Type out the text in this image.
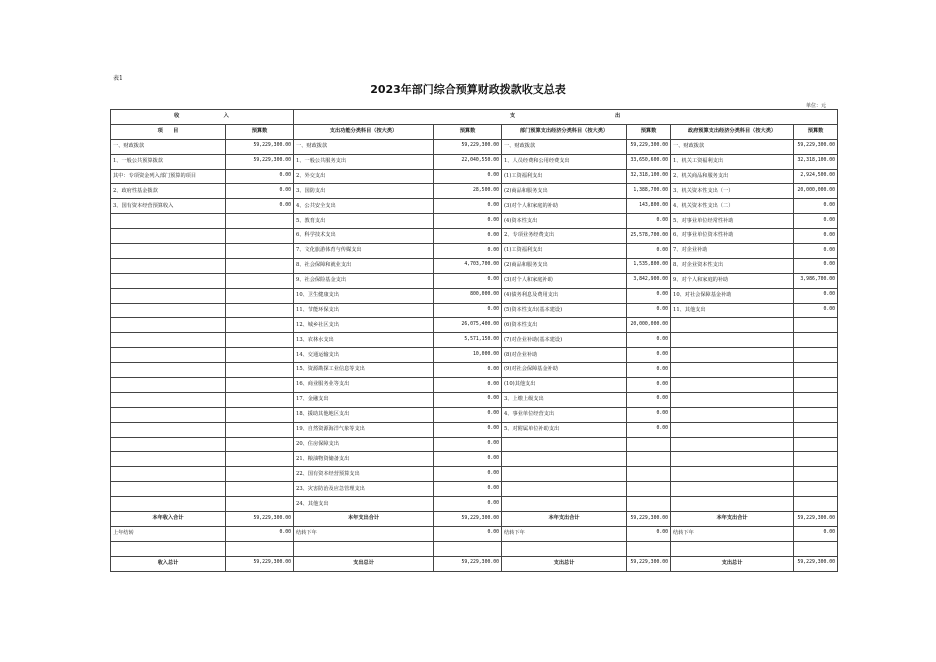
表1
2023年部门综合预算财政拨款收支总表
单位：元
收　　　　　　　入		支　　　　　　　　　　　　　　　　出					
项　　目	预算数	支出功能分类科目（按大类）	预算数	部门预算支出经济分类科目（按大类）	预算数	政府预算支出经济分类科目（按大类）	预算数
一、财政拨款	59,229,300.00	一、财政拨款	59,229,300.00	一、财政拨款	59,229,300.00	一、财政拨款	59,229,300.00
1、一般公共预算拨款	59,229,300.00	1、一般公共服务支出	22,040,550.00	1、人员经费和公用经费支出	33,650,600.00	1、机关工资福利支出	32,318,100.00
其中：专项资金列入部门预算的项目	0.00	2、外交支出	0.00	(1)工资福利支出	32,318,100.00	2、机关商品和服务支出	2,924,500.00
2、政府性基金拨款	0.00	3、国防支出	28,500.00	(2)商品和服务支出	1,388,700.00	3、机关资本性支出（一）	20,000,000.00
3、国有资本经营预算收入	0.00	4、公共安全支出	0.00	(3)对个人和家庭的补助	143,800.00	4、机关资本性支出（二）	0.00
		5、教育支出	0.00	(4)资本性支出	0.00	5、对事业单位经常性补助	0.00
		6、科学技术支出	0.00	2、专项业务经费支出	25,578,700.00	6、对事业单位资本性补助	0.00
		7、文化旅游体育与传媒支出	0.00	(1)工资福利支出	0.00	7、对企业补助	0.00
		8、社会保障和就业支出	4,703,700.00	(2)商品和服务支出	1,535,800.00	8、对企业资本性支出	0.00
		9、社会保险基金支出	0.00	(3)对个人和家庭补助	3,842,900.00	9、对个人和家庭的补助	3,986,700.00
		10、卫生健康支出	800,000.00	(4)债务利息及费用支出	0.00	10、对社会保障基金补助	0.00
		11、节能环保支出	0.00	(5)资本性支出(基本建设)	0.00	11、其他支出	0.00
		12、城乡社区支出	26,075,400.00	(6)资本性支出	20,000,000.00		
		13、农林水支出	5,571,150.00	(7)对企业补助(基本建设)	0.00		
		14、交通运输支出	10,000.00	(8)对企业补助	0.00		
		15、资源勘探工业信息等支出	0.00	(9)对社会保障基金补助	0.00		
		16、商业服务业等支出	0.00	(10)其他支出	0.00		
		17、金融支出	0.00	3、上缴上级支出	0.00		
		18、援助其他地区支出	0.00	4、事业单位经营支出	0.00		
		19、自然资源海洋气象等支出	0.00	5、对附属单位补助支出	0.00		
		20、住房保障支出	0.00				
		21、粮油物资储备支出	0.00				
		22、国有资本经营预算支出	0.00				
		23、灾害防治及应急管理支出	0.00				
		24、其他支出	0.00				
本年收入合计	59,229,300.00	本年支出合计	59,229,300.00	本年支出合计	59,229,300.00	本年支出合计	59,229,300.00
上年结转	0.00	结转下年	0.00	结转下年	0.00	结转下年	0.00

收入总计	59,229,300.00	支出总计	59,229,300.00	支出总计	59,229,300.00	支出总计	59,229,300.00
